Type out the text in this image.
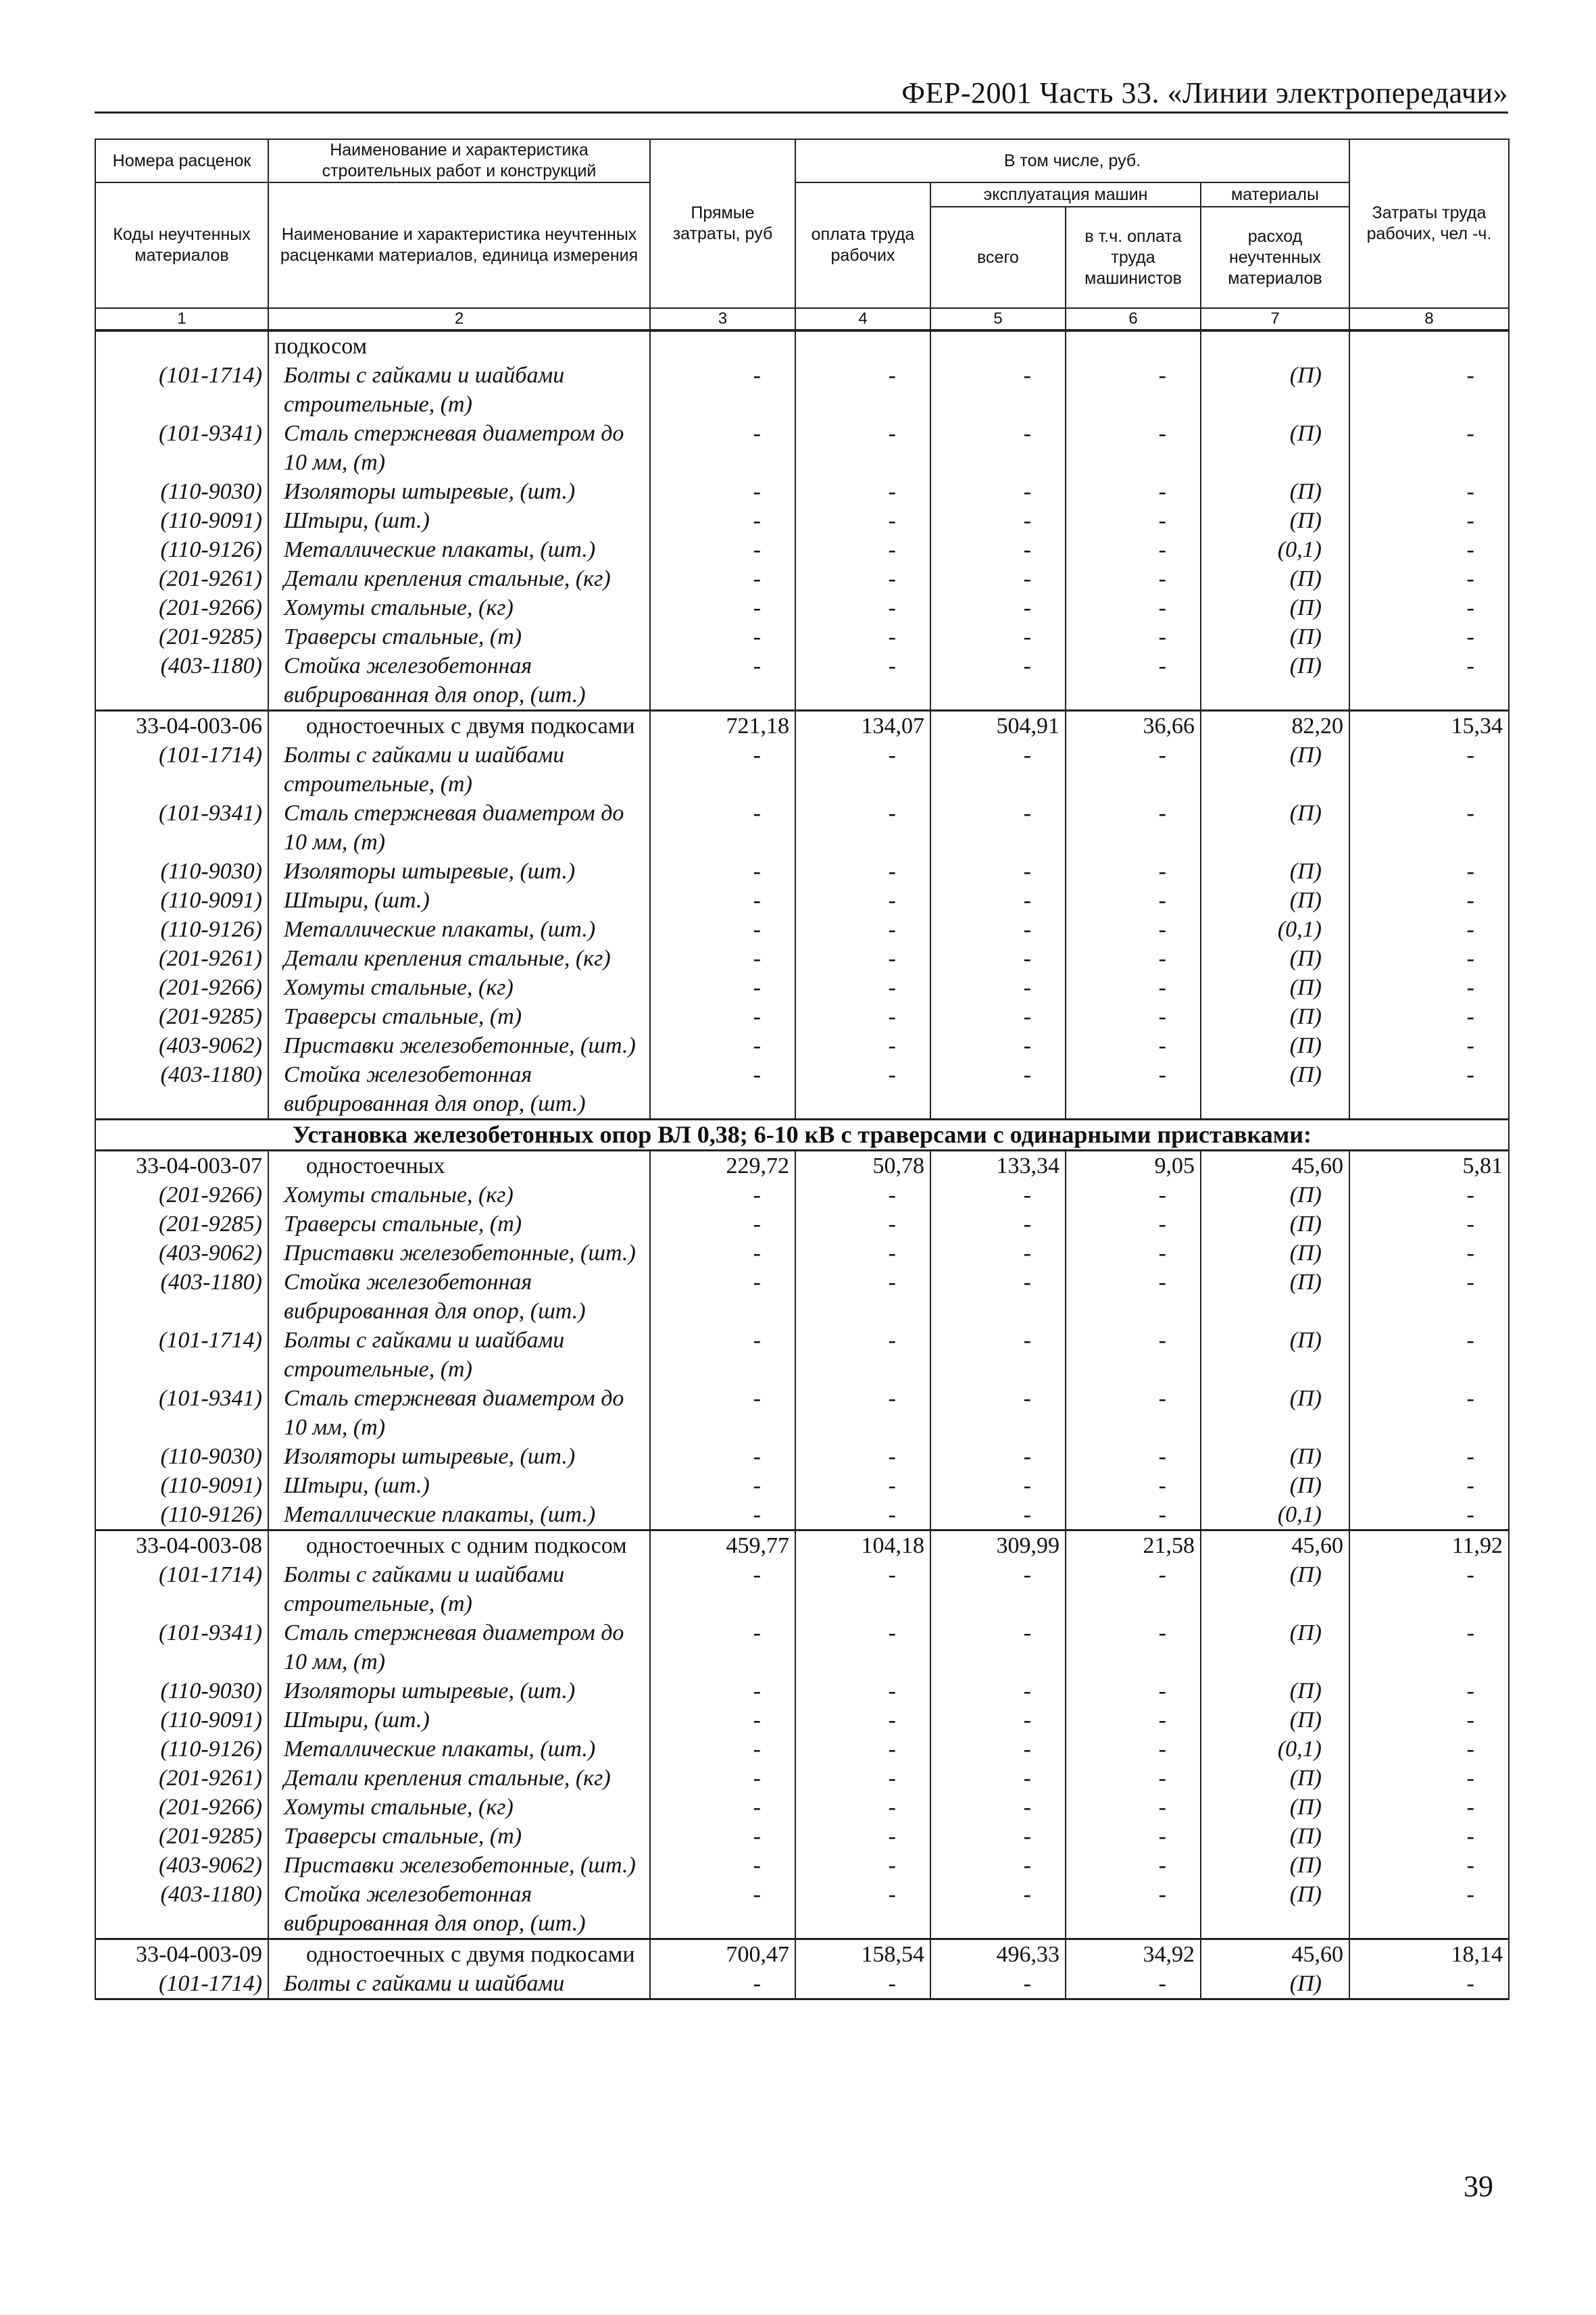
ФЕР-2001 Часть 33. «Линии электропередачи»
Номера расценок	Наименование и характеристика строительных работ и конструкций	Прямые затраты, руб	В том числе, руб.				Затраты труда рабочих, чел -ч.
Коды неучтенных материалов	Наименование и характеристика неучтенных расценками материалов, единица измерения		оплата труда рабочих	эксплуатация машин		материалы	
				всего	в т.ч. оплата труда машинистов	расход неучтенных материалов	
1	2	3	4	5	6	7	8
	подкосом						
(101-1714)	Болты с гайками и шайбами строительные, (т)	-	-	-	-	(П)	-
(101-9341)	Сталь стержневая диаметром до 10 мм, (т)	-	-	-	-	(П)	-
(110-9030)	Изоляторы штыревые, (шт.)	-	-	-	-	(П)	-
(110-9091)	Штыри, (шт.)	-	-	-	-	(П)	-
(110-9126)	Металлические плакаты, (шт.)	-	-	-	-	(0,1)	-
(201-9261)	Детали крепления стальные, (кг)	-	-	-	-	(П)	-
(201-9266)	Хомуты стальные, (кг)	-	-	-	-	(П)	-
(201-9285)	Траверсы стальные, (т)	-	-	-	-	(П)	-
(403-1180)	Стойка железобетонная вибрированная для опор, (шт.)	-	-	-	-	(П)	-
33-04-003-06	одностоечных с двумя подкосами	721,18	134,07	504,91	36,66	82,20	15,34
(101-1714)	Болты с гайками и шайбами строительные, (т)	-	-	-	-	(П)	-
(101-9341)	Сталь стержневая диаметром до 10 мм, (т)	-	-	-	-	(П)	-
(110-9030)	Изоляторы штыревые, (шт.)	-	-	-	-	(П)	-
(110-9091)	Штыри, (шт.)	-	-	-	-	(П)	-
(110-9126)	Металлические плакаты, (шт.)	-	-	-	-	(0,1)	-
(201-9261)	Детали крепления стальные, (кг)	-	-	-	-	(П)	-
(201-9266)	Хомуты стальные, (кг)	-	-	-	-	(П)	-
(201-9285)	Траверсы стальные, (т)	-	-	-	-	(П)	-
(403-9062)	Приставки железобетонные, (шт.)	-	-	-	-	(П)	-
(403-1180)	Стойка железобетонная вибрированная для опор, (шт.)	-	-	-	-	(П)	-
Установка железобетонных опор ВЛ 0,38; 6-10 кВ с траверсами с одинарными приставками:							
33-04-003-07	одностоечных	229,72	50,78	133,34	9,05	45,60	5,81
(201-9266)	Хомуты стальные, (кг)	-	-	-	-	(П)	-
(201-9285)	Траверсы стальные, (т)	-	-	-	-	(П)	-
(403-9062)	Приставки железобетонные, (шт.)	-	-	-	-	(П)	-
(403-1180)	Стойка железобетонная вибрированная для опор, (шт.)	-	-	-	-	(П)	-
(101-1714)	Болты с гайками и шайбами строительные, (т)	-	-	-	-	(П)	-
(101-9341)	Сталь стержневая диаметром до 10 мм, (т)	-	-	-	-	(П)	-
(110-9030)	Изоляторы штыревые, (шт.)	-	-	-	-	(П)	-
(110-9091)	Штыри, (шт.)	-	-	-	-	(П)	-
(110-9126)	Металлические плакаты, (шт.)	-	-	-	-	(0,1)	-
33-04-003-08	одностоечных с одним подкосом	459,77	104,18	309,99	21,58	45,60	11,92
(101-1714)	Болты с гайками и шайбами строительные, (т)	-	-	-	-	(П)	-
(101-9341)	Сталь стержневая диаметром до 10 мм, (т)	-	-	-	-	(П)	-
(110-9030)	Изоляторы штыревые, (шт.)	-	-	-	-	(П)	-
(110-9091)	Штыри, (шт.)	-	-	-	-	(П)	-
(110-9126)	Металлические плакаты, (шт.)	-	-	-	-	(0,1)	-
(201-9261)	Детали крепления стальные, (кг)	-	-	-	-	(П)	-
(201-9266)	Хомуты стальные, (кг)	-	-	-	-	(П)	-
(201-9285)	Траверсы стальные, (т)	-	-	-	-	(П)	-
(403-9062)	Приставки железобетонные, (шт.)	-	-	-	-	(П)	-
(403-1180)	Стойка железобетонная вибрированная для опор, (шт.)	-	-	-	-	(П)	-
33-04-003-09	одностоечных с двумя подкосами	700,47	158,54	496,33	34,92	45,60	18,14
(101-1714)	Болты с гайками и шайбами	-	-	-	-	(П)	-
39
